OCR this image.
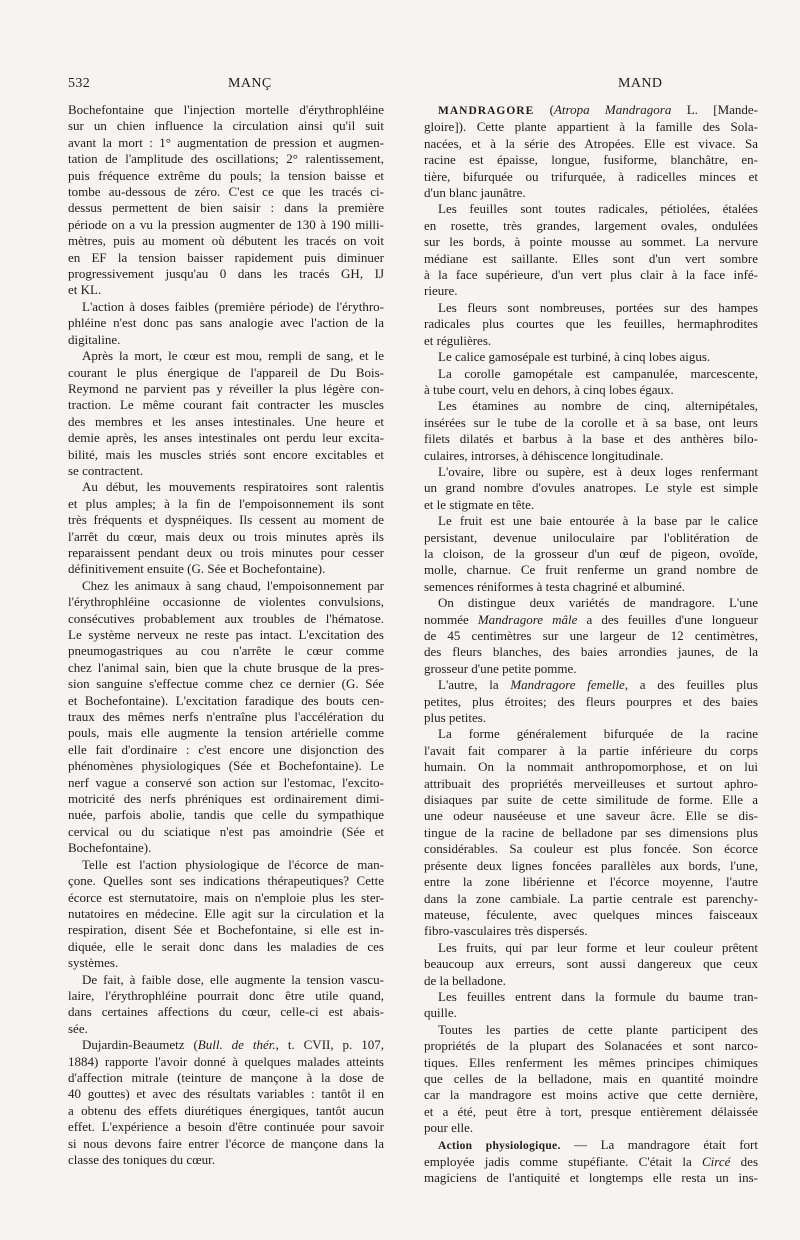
532	MANÇ	MAND
Bochefontaine que l'injection mortelle d'érythrophléine
sur un chien influence la circulation ainsi qu'il suit
avant la mort : 1° augmentation de pression et augmen-
tation de l'amplitude des oscillations; 2° ralentissement,
puis fréquence extrême du pouls; la tension baisse et
tombe au-dessous de zéro. C'est ce que les tracés ci-
dessus permettent de bien saisir : dans la première
période on a vu la pression augmenter de 130 à 190 milli-
mètres, puis au moment où débutent les tracés on voit
en EF la tension baisser rapidement puis diminuer
progressivement jusqu'au 0 dans les tracés GH, IJ
et KL.
L'action à doses faibles (première période) de l'érythro-
phléine n'est donc pas sans analogie avec l'action de la
digitaline.
Après la mort, le cœur est mou, rempli de sang, et le
courant le plus énergique de l'appareil de Du Bois-
Reymond ne parvient pas y réveiller la plus légère con-
traction. Le même courant fait contracter les muscles
des membres et les anses intestinales. Une heure et
demie après, les anses intestinales ont perdu leur excita-
bilité, mais les muscles striés sont encore excitables et
se contractent.
Au début, les mouvements respiratoires sont ralentis
et plus amples; à la fin de l'empoisonnement ils sont
très fréquents et dyspnéiques. Ils cessent au moment de
l'arrêt du cœur, mais deux ou trois minutes après ils
reparaissent pendant deux ou trois minutes pour cesser
définitivement ensuite (G. Sée et Bochefontaine).
Chez les animaux à sang chaud, l'empoisonnement par
l'érythrophléine occasionne de violentes convulsions,
consécutives probablement aux troubles de l'hématose.
Le système nerveux ne reste pas intact. L'excitation des
pneumogastriques au cou n'arrête le cœur comme
chez l'animal sain, bien que la chute brusque de la pres-
sion sanguine s'effectue comme chez ce dernier (G. Sée
et Bochefontaine). L'excitation faradique des bouts cen-
traux des mêmes nerfs n'entraîne plus l'accélération du
pouls, mais elle augmente la tension artérielle comme
elle fait d'ordinaire : c'est encore une disjonction des
phénomènes physiologiques (Sée et Bochefontaine). Le
nerf vague a conservé son action sur l'estomac, l'excito-
motricité des nerfs phréniques est ordinairement dimi-
nuée, parfois abolie, tandis que celle du sympathique
cervical ou du sciatique n'est pas amoindrie (Sée et
Bochefontaine).
Telle est l'action physiologique de l'écorce de man-
çone. Quelles sont ses indications thérapeutiques? Cette
écorce est sternutatoire, mais on n'emploie plus les ster-
nutatoires en médecine. Elle agit sur la circulation et la
respiration, disent Sée et Bochefontaine, si elle est in-
diquée, elle le serait donc dans les maladies de ces
systèmes.
De fait, à faible dose, elle augmente la tension vascu-
laire, l'érythrophléine pourrait donc être utile quand,
dans certaines affections du cœur, celle-ci est abais-
sée.
Dujardin-Beaumetz (Bull. de thér., t. CVII, p. 107,
1884) rapporte l'avoir donné à quelques malades atteints
d'affection mitrale (teinture de mançone à la dose de
40 gouttes) et avec des résultats variables : tantôt il en
a obtenu des effets diurétiques énergiques, tantôt aucun
effet. L'expérience a besoin d'être continuée pour savoir
si nous devons faire entrer l'écorce de mançone dans la
classe des toniques du cœur.
MANDRAGORE (Atropa Mandragora L. [Mande-
gloire]). Cette plante appartient à la famille des Sola-
nacées, et à la série des Atropées. Elle est vivace. Sa
racine est épaisse, longue, fusiforme, blanchâtre, en-
tière, bifurquée ou trifurquée, à radicelles minces et
d'un blanc jaunâtre.
Les feuilles sont toutes radicales, pétiolées, étalées
en rosette, très grandes, largement ovales, ondulées
sur les bords, à pointe mousse au sommet. La nervure
médiane est saillante. Elles sont d'un vert sombre
à la face supérieure, d'un vert plus clair à la face infé-
rieure.
Les fleurs sont nombreuses, portées sur des hampes
radicales plus courtes que les feuilles, hermaphrodites
et régulières.
Le calice gamosépale est turbiné, à cinq lobes aigus.
La corolle gamopétale est campanulée, marcescente,
à tube court, velu en dehors, à cinq lobes égaux.
Les étamines au nombre de cinq, alternipétales,
insérées sur le tube de la corolle et à sa base, ont leurs
filets dilatés et barbus à la base et des anthères bilo-
culaires, introrses, à déhiscence longitudinale.
L'ovaire, libre ou supère, est à deux loges renfermant
un grand nombre d'ovules anatropes. Le style est simple
et le stigmate en tête.
Le fruit est une baie entourée à la base par le calice
persistant, devenue uniloculaire par l'oblitération de
la cloison, de la grosseur d'un œuf de pigeon, ovoïde,
molle, charnue. Ce fruit renferme un grand nombre de
semences réniformes à testa chagriné et albuminé.
On distingue deux variétés de mandragore. L'une
nommée Mandragore mâle a des feuilles d'une longueur
de 45 centimètres sur une largeur de 12 centimètres,
des fleurs blanches, des baies arrondies jaunes, de la
grosseur d'une petite pomme.
L'autre, la Mandragore femelle, a des feuilles plus
petites, plus étroites; des fleurs pourpres et des baies
plus petites.
La forme généralement bifurquée de la racine
l'avait fait comparer à la partie inférieure du corps
humain. On la nommait anthropomorphose, et on lui
attribuait des propriétés merveilleuses et surtout aphro-
disiaques par suite de cette similitude de forme. Elle a
une odeur nauséeuse et une saveur âcre. Elle se dis-
tingue de la racine de belladone par ses dimensions plus
considérables. Sa couleur est plus foncée. Son écorce
présente deux lignes foncées parallèles aux bords, l'une,
entre la zone libérienne et l'écorce moyenne, l'autre
dans la zone cambiale. La partie centrale est parenchy-
mateuse, féculente, avec quelques minces faisceaux
fibro-vasculaires très dispersés.
Les fruits, qui par leur forme et leur couleur prêtent
beaucoup aux erreurs, sont aussi dangereux que ceux
de la belladone.
Les feuilles entrent dans la formule du baume tran-
quille.
Toutes les parties de cette plante participent des
propriétés de la plupart des Solanacées et sont narco-
tiques. Elles renferment les mêmes principes chimiques
que celles de la belladone, mais en quantité moindre
car la mandragore est moins active que cette dernière,
et a été, peut être à tort, presque entièrement délaissée
pour elle.
Action physiologique. — La mandragore était fort
employée jadis comme stupéfiante. C'était la Circé des
magiciens de l'antiquité et longtemps elle resta un ins-
